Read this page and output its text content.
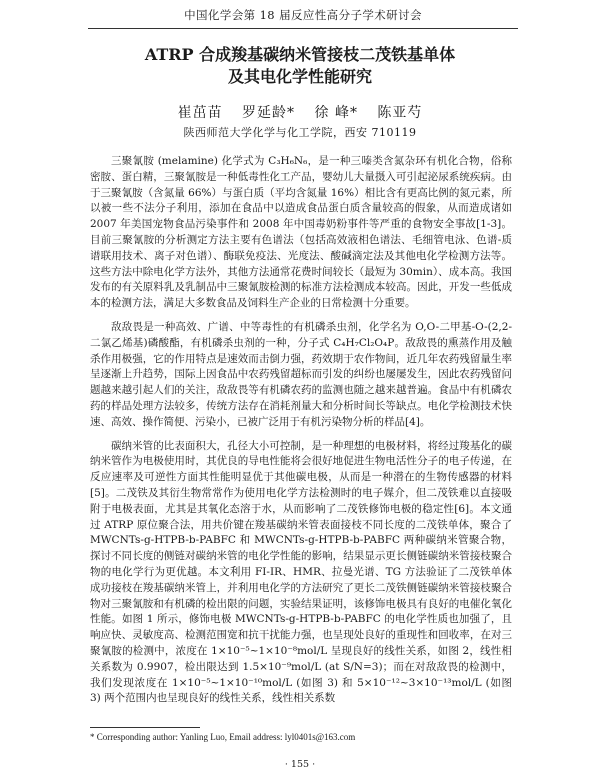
中国化学会第 18 届反应性高分子学术研讨会
ATRP 合成羧基碳纳米管接枝二茂铁基单体
及其电化学性能研究
崔茁苗 罗延龄* 徐 峰* 陈亚芍
陕西师范大学化学与化工学院，西安 710119

三聚氰胺 (melamine) 化学式为 C₃H₆N₆，是一种三嗪类含氮杂环有机化合物，俗称密胺、蛋白精，三聚氰胺是一种低毒性化工产品，婴幼儿大量摄入可引起泌尿系统疾病。由于三聚氰胺（含氮量 66%）与蛋白质（平均含氮量 16%）相比含有更高比例的氮元素，所以被一些不法分子利用，添加在食品中以造成食品蛋白质含量较高的假象，从而造成诸如 2007 年美国宠物食品污染事件和 2008 年中国毒奶粉事件等严重的食物安全事故[1-3]。目前三聚氰胺的分析测定方法主要有色谱法（包括高效液相色谱法、毛细管电泳、色谱-质谱联用技术、离子对色谱）、酶联免疫法、光度法、酸碱滴定法及其他电化学检测方法等。这些方法中除电化学方法外，其他方法通常花费时间较长（最短为 30min）、成本高。我国发布的有关原料乳及乳制品中三聚氰胺检测的标准方法检测成本较高。因此，开发一些低成本的检测方法，满足大多数食品及饲料生产企业的日常检测十分重要。

敌敌畏是一种高效、广谱、中等毒性的有机磷杀虫剂，化学名为 O,O-二甲基-O-(2,2-二氯乙烯基)磷酸酯，有机磷杀虫剂的一种，分子式 C₄H₇Cl₂O₄P。敌敌畏的熏蒸作用及触杀作用极强，它的作用特点是速效而击倒力强，药效期于农作物间，近几年农药残留量生率呈逐渐上升趋势，国际上因食品中农药残留超标而引发的纠纷也屡屡发生，因此农药残留问题越来越引起人们的关注，敌敌畏等有机磷农药的监测也随之越来越普遍。食品中有机磷农药的样品处理方法较多，传统方法存在消耗剂量大和分析时间长等缺点。电化学检测技术快速、高效、操作简便、污染小，已被广泛用于有机污染物分析的样品[4]。

碳纳米管的比表面积大，孔径大小可控制，是一种理想的电极材料，将经过羧基化的碳纳米管作为电极使用时，其优良的导电性能将会很好地促进生物电活性分子的电子传递，在反应速率及可逆性方面其性能明显优于其他碳电极，从而是一种潜在的生物传感器的材料[5]。二茂铁及其衍生物常常作为使用电化学方法检测时的电子媒介，但二茂铁难以直接吸附于电极表面，尤其是其氧化态溶于水，从而影响了二茂铁修饰电极的稳定性[6]。本文通过 ATRP 原位聚合法，用共价键在羧基碳纳米管表面接枝不同长度的二茂铁单体，聚合了 MWCNTs-g-HTPB-b-PABFC 和 MWCNTs-g-HTPB-b-PABFC 两种碳纳米管聚合物，探讨不同长度的侧链对碳纳米管的电化学性能的影响，结果显示更长侧链碳纳米管接枝聚合物的电化学行为更优越。本文利用 FI-IR、HMR、拉曼光谱、TG 方法验证了二茂铁单体成功接枝在羧基碳纳米管上，并利用电化学的方法研究了更长二茂铁侧链碳纳米管接枝聚合物对三聚氰胺和有机磷的检出限的问题，实验结果证明，该修饰电极具有良好的电催化氧化性能。如图 1 所示，修饰电极 MWCNTs-g-HTPB-b-PABFC 的电化学性质也加强了，且响应快、灵敏度高、检测范围宽和抗干扰能力强，也呈现处良好的重现性和回收率，在对三聚氰胺的检测中，浓度在 1×10⁻⁵~1×10⁻⁸mol/L 呈现良好的线性关系，如图 2，线性相关系数为 0.9907，检出限达到 1.5×10⁻⁹mol/L (at S/N=3)；而在对敌敌畏的检测中，我们发现浓度在 1×10⁻⁵~1×10⁻¹⁰mol/L (如图 3) 和 5×10⁻¹²~3×10⁻¹³mol/L (如图 3) 两个范围内也呈现良好的线性关系，线性相关系数

* Corresponding author: Yanling Luo, Email address: lyl0401s@163.com
· 155 ·
